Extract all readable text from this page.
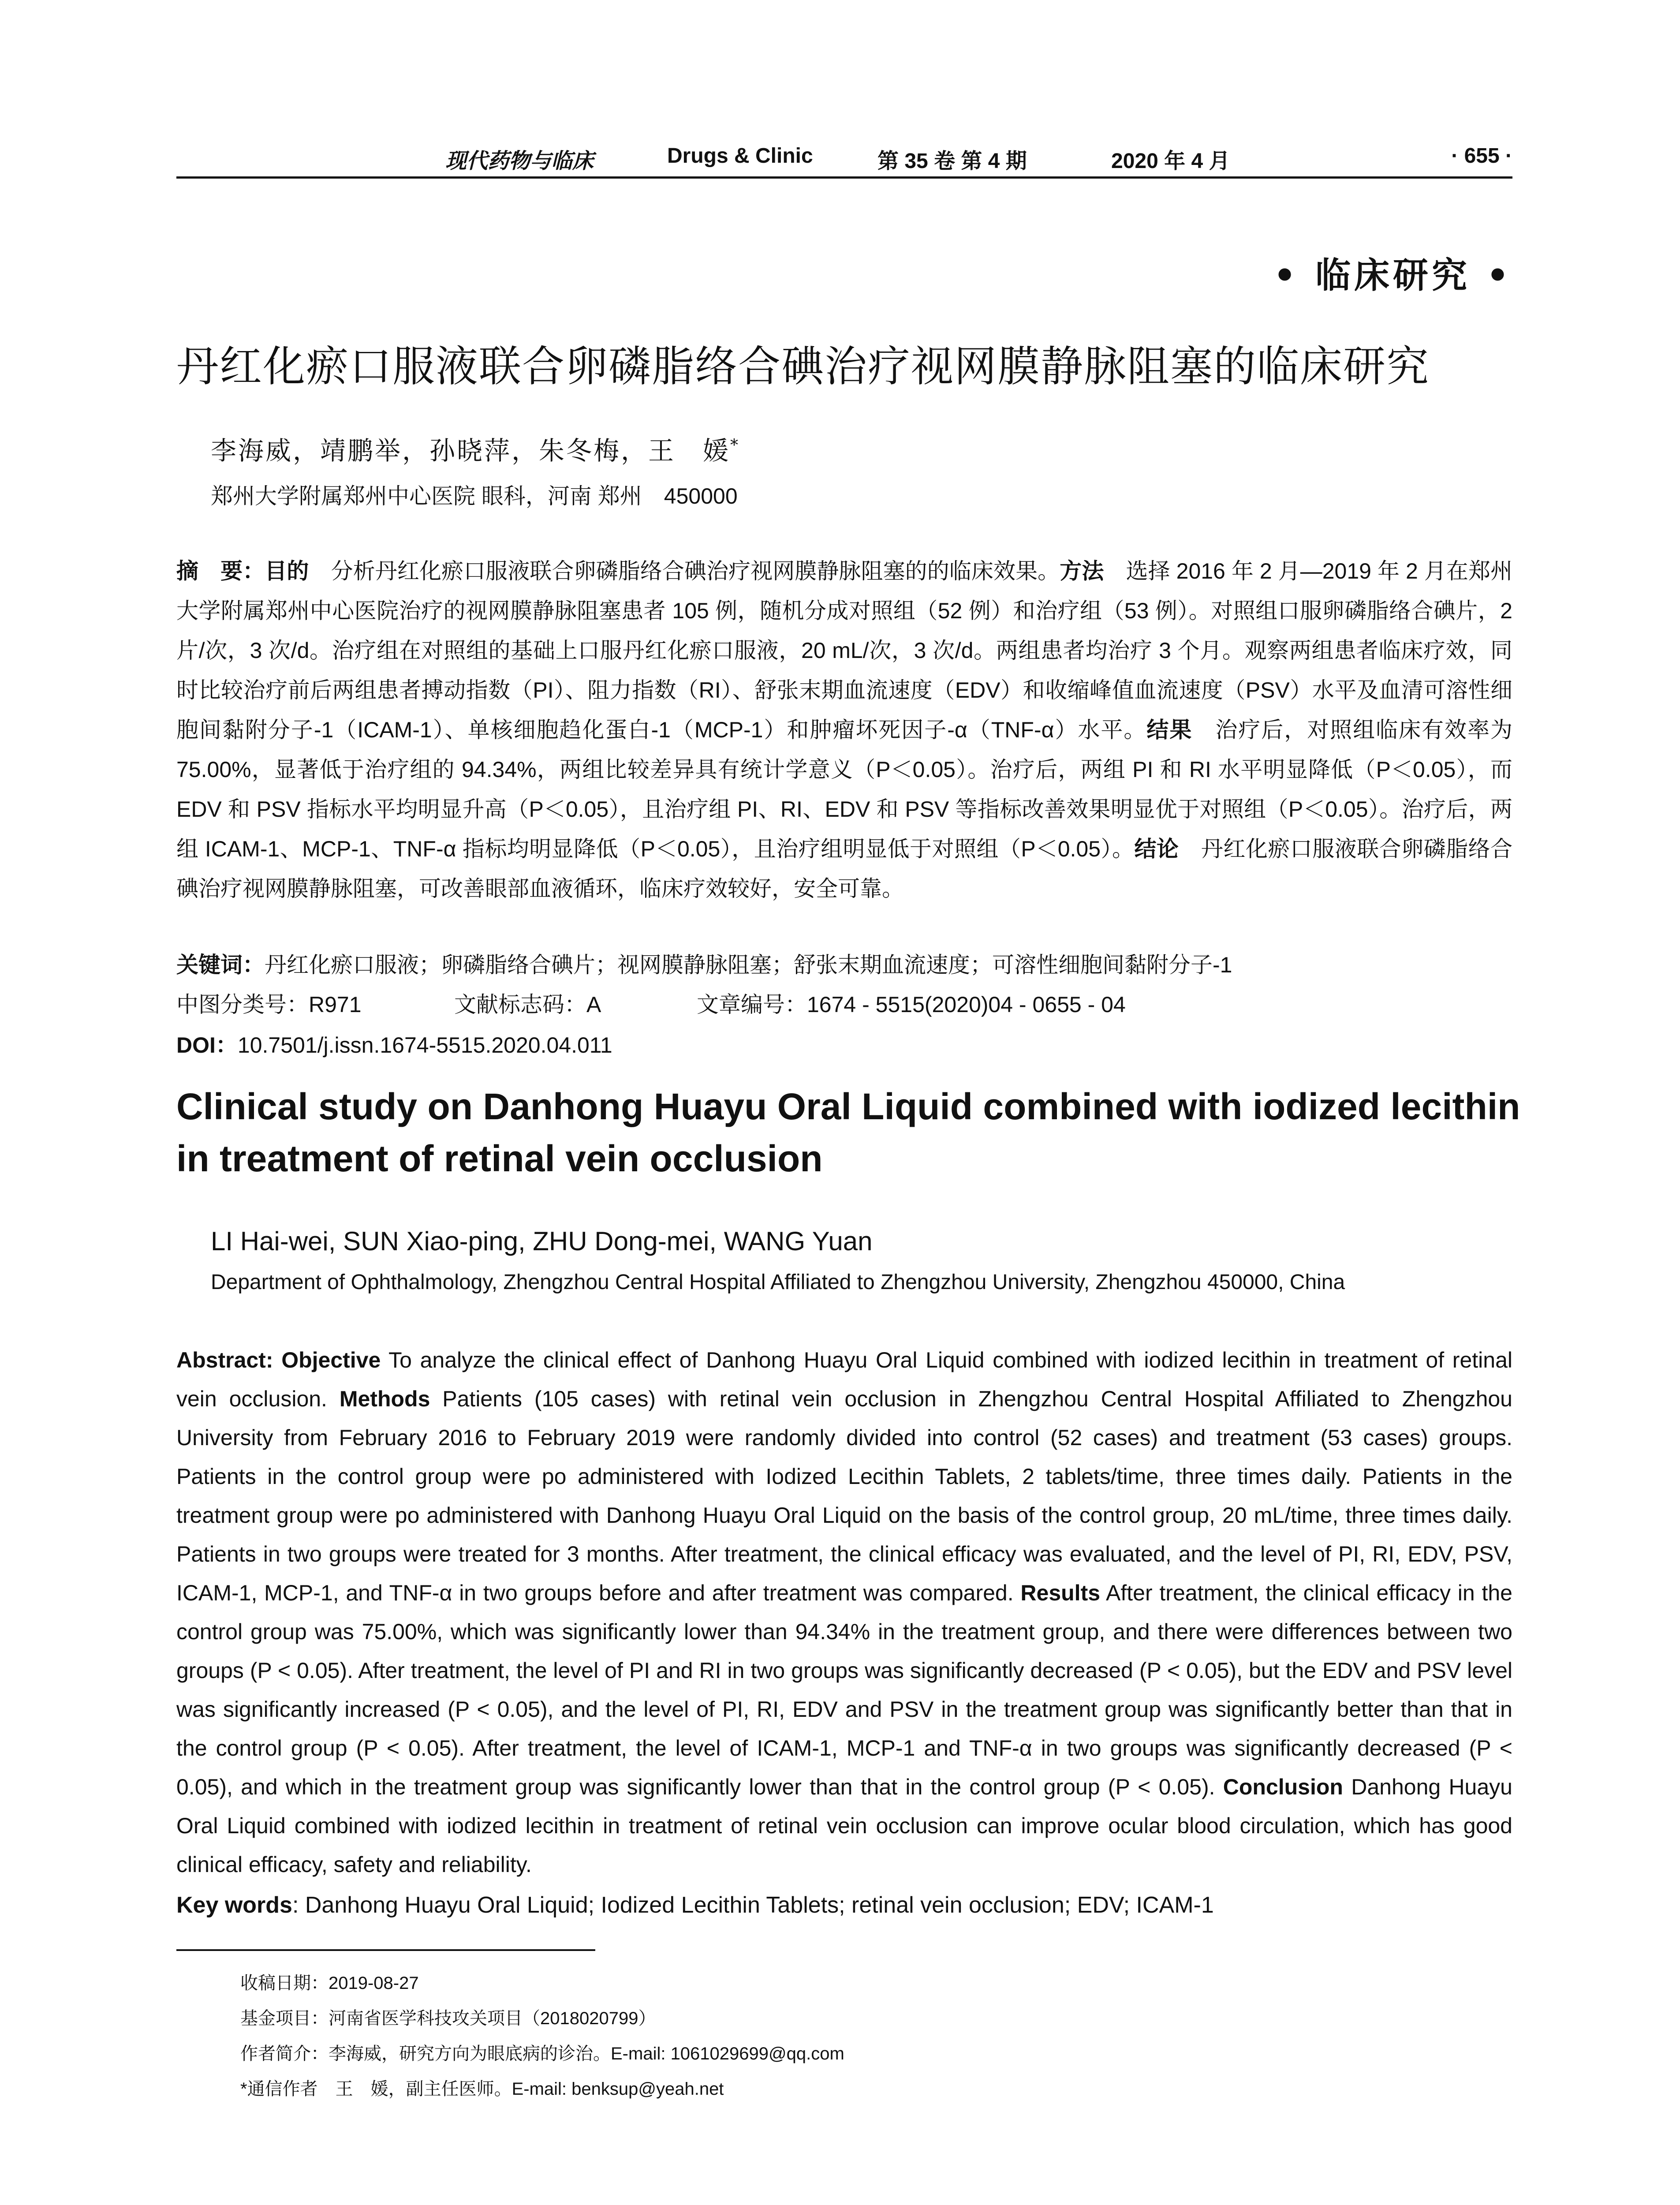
现代药物与临床	Drugs & Clinic	第 35 卷 第 4 期	2020 年 4 月	· 655 ·
• 临床研究 •
丹红化瘀口服液联合卵磷脂络合碘治疗视网膜静脉阻塞的临床研究
李海威，靖鹏举，孙晓萍，朱冬梅，王　媛*
郑州大学附属郑州中心医院 眼科，河南 郑州　450000
摘　要：目的　分析丹红化瘀口服液联合卵磷脂络合碘治疗视网膜静脉阻塞的的临床效果。方法　选择 2016 年 2 月—2019 年 2 月在郑州大学附属郑州中心医院治疗的视网膜静脉阻塞患者 105 例，随机分成对照组（52 例）和治疗组（53 例）。对照组口服卵磷脂络合碘片，2 片/次，3 次/d。治疗组在对照组的基础上口服丹红化瘀口服液，20 mL/次，3 次/d。两组患者均治疗 3 个月。观察两组患者临床疗效，同时比较治疗前后两组患者搏动指数（PI）、阻力指数（RI）、舒张末期血流速度（EDV）和收缩峰值血流速度（PSV）水平及血清可溶性细胞间黏附分子-1（ICAM-1）、单核细胞趋化蛋白-1（MCP-1）和肿瘤坏死因子-α（TNF-α）水平。结果　治疗后，对照组临床有效率为 75.00%，显著低于治疗组的 94.34%，两组比较差异具有统计学意义（P＜0.05）。治疗后，两组 PI 和 RI 水平明显降低（P＜0.05），而 EDV 和 PSV 指标水平均明显升高（P＜0.05），且治疗组 PI、RI、EDV 和 PSV 等指标改善效果明显优于对照组（P＜0.05）。治疗后，两组 ICAM-1、MCP-1、TNF-α 指标均明显降低（P＜0.05），且治疗组明显低于对照组（P＜0.05）。结论　丹红化瘀口服液联合卵磷脂络合碘治疗视网膜静脉阻塞，可改善眼部血液循环，临床疗效较好，安全可靠。
关键词：丹红化瘀口服液；卵磷脂络合碘片；视网膜静脉阻塞；舒张末期血流速度；可溶性细胞间黏附分子-1
中图分类号：R971	文献标志码：A	文章编号：1674 - 5515(2020)04 - 0655 - 04
DOI：10.7501/j.issn.1674-5515.2020.04.011
Clinical study on Danhong Huayu Oral Liquid combined with iodized lecithin in treatment of retinal vein occlusion
LI Hai-wei, SUN Xiao-ping, ZHU Dong-mei, WANG Yuan
Department of Ophthalmology, Zhengzhou Central Hospital Affiliated to Zhengzhou University, Zhengzhou 450000, China
Abstract: Objective To analyze the clinical effect of Danhong Huayu Oral Liquid combined with iodized lecithin in treatment of retinal vein occlusion. Methods Patients (105 cases) with retinal vein occlusion in Zhengzhou Central Hospital Affiliated to Zhengzhou University from February 2016 to February 2019 were randomly divided into control (52 cases) and treatment (53 cases) groups. Patients in the control group were po administered with Iodized Lecithin Tablets, 2 tablets/time, three times daily. Patients in the treatment group were po administered with Danhong Huayu Oral Liquid on the basis of the control group, 20 mL/time, three times daily. Patients in two groups were treated for 3 months. After treatment, the clinical efficacy was evaluated, and the level of PI, RI, EDV, PSV, ICAM-1, MCP-1, and TNF-α in two groups before and after treatment was compared. Results After treatment, the clinical efficacy in the control group was 75.00%, which was significantly lower than 94.34% in the treatment group, and there were differences between two groups (P < 0.05). After treatment, the level of PI and RI in two groups was significantly decreased (P < 0.05), but the EDV and PSV level was significantly increased (P < 0.05), and the level of PI, RI, EDV and PSV in the treatment group was significantly better than that in the control group (P < 0.05). After treatment, the level of ICAM-1, MCP-1 and TNF-α in two groups was significantly decreased (P < 0.05), and which in the treatment group was significantly lower than that in the control group (P < 0.05). Conclusion Danhong Huayu Oral Liquid combined with iodized lecithin in treatment of retinal vein occlusion can improve ocular blood circulation, which has good clinical efficacy, safety and reliability.
Key words: Danhong Huayu Oral Liquid; Iodized Lecithin Tablets; retinal vein occlusion; EDV; ICAM-1
收稿日期：2019-08-27
基金项目：河南省医学科技攻关项目（2018020799）
作者简介：李海威，研究方向为眼底病的诊治。E-mail: 1061029699@qq.com
*通信作者　王　媛，副主任医师。E-mail: benksup@yeah.net
